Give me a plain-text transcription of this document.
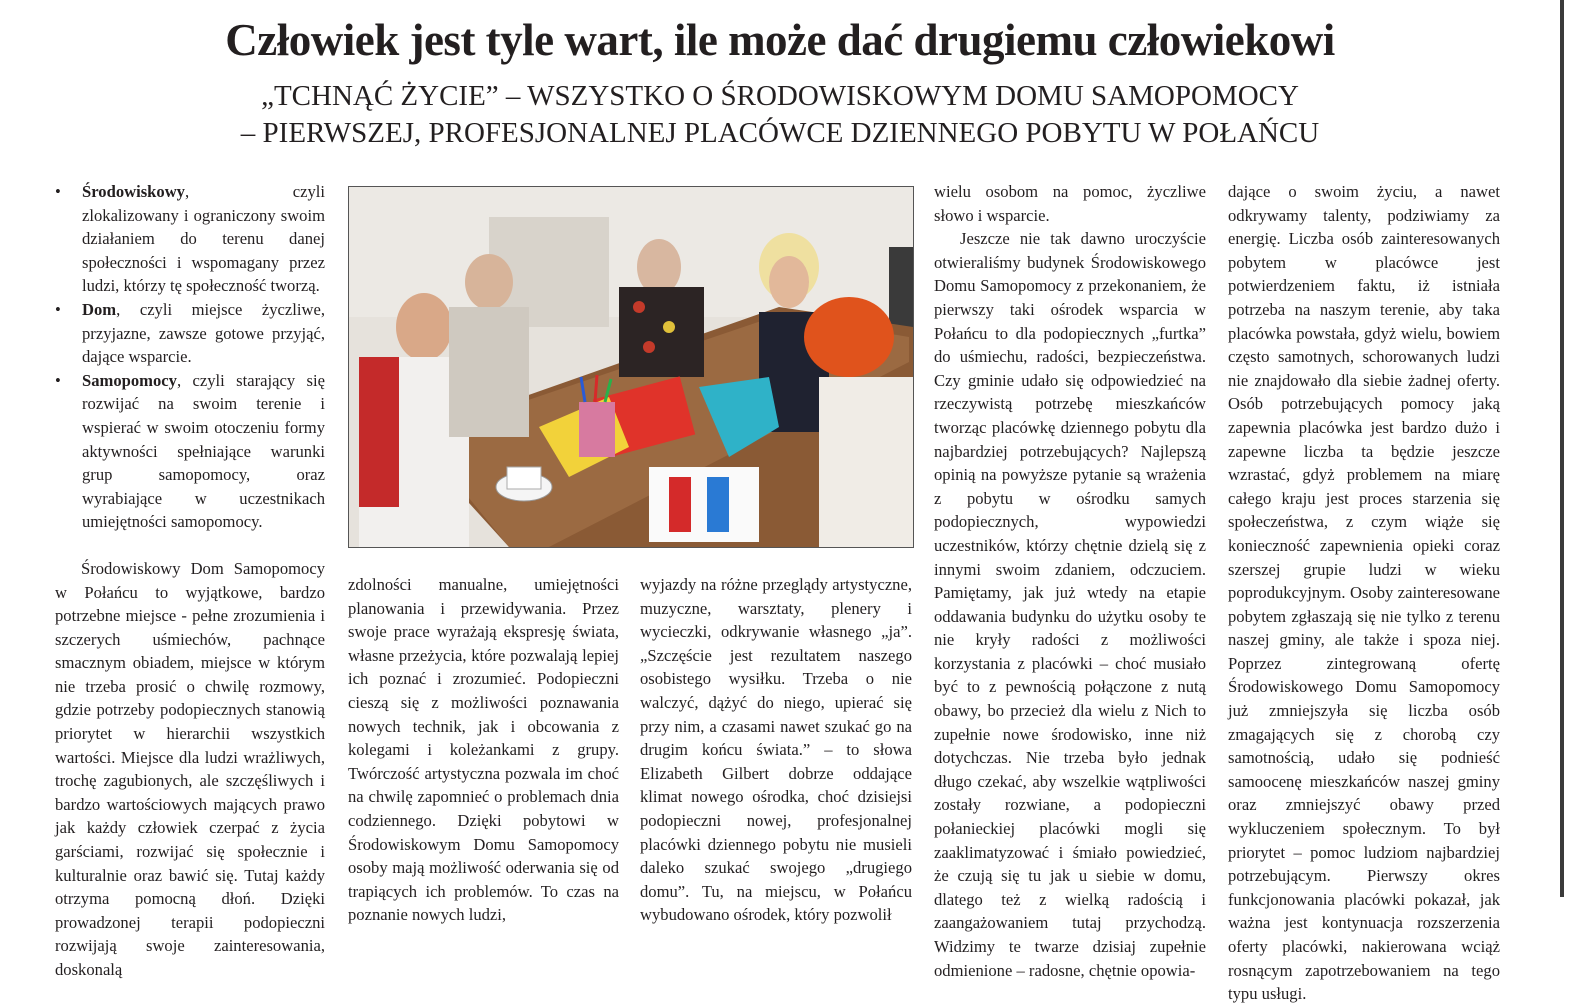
Człowiek jest tyle wart, ile może dać drugiemu człowiekowi
„TCHNĄĆ ŻYCIE” – WSZYSTKO O ŚRODOWISKOWYM DOMU SAMOPOMOCY
– PIERWSZEJ, PROFESJONALNEJ PLACÓWCE DZIENNEGO POBYTU W POŁAŃCU
• Środowiskowy, czyli zlokalizowany i ograniczony swoim działaniem do terenu danej społeczności i wspomagany przez ludzi, którzy tę społeczność tworzą.
• Dom, czyli miejsce życzliwe, przyjazne, zawsze gotowe przyjąć, dające wsparcie.
• Samopomocy, czyli starający się rozwijać na swoim terenie i wspierać w swoim otoczeniu formy aktywności spełniające warunki grup samopomocy, oraz wyrabiające w uczestnikach umiejętności samopomocy.

Środowiskowy Dom Samopomocy w Połańcu to wyjątkowe, bardzo potrzebne miejsce - pełne zrozumienia i szczerych uśmiechów, pachnące smacznym obiadem, miejsce w którym nie trzeba prosić o chwilę rozmowy, gdzie potrzeby podopiecznych stanowią priorytet w hierarchii wszystkich wartości. Miejsce dla ludzi wrażliwych, trochę zagubionych, ale szczęśliwych i bardzo wartościowych mających prawo jak każdy człowiek czerpać z życia garściami, rozwijać się społecznie i kulturalnie oraz bawić się. Tutaj każdy otrzyma pomocną dłoń. Dzięki prowadzonej terapii podopieczni rozwijają swoje zainteresowania, doskonalą

zdolności manualne, umiejętności planowania i przewidywania. Przez swoje prace wyrażają ekspresję świata, własne przeżycia, które pozwalają lepiej ich poznać i zrozumieć. Podopieczni cieszą się z możliwości poznawania nowych technik, jak i obcowania z kolegami i koleżankami z grupy. Twórczość artystyczna pozwala im choć na chwilę zapomnieć o problemach dnia codziennego. Dzięki pobytowi w Środowiskowym Domu Samopomocy osoby mają możliwość oderwania się od trapiących ich problemów. To czas na poznanie nowych ludzi,

wyjazdy na różne przeglądy artystyczne, muzyczne, warsztaty, plenery i wycieczki, odkrywanie własnego „ja”. „Szczęście jest rezultatem naszego osobistego wysiłku. Trzeba o nie walczyć, dążyć do niego, upierać się przy nim, a czasami nawet szukać go na drugim końcu świata.” – to słowa Elizabeth Gilbert dobrze oddające klimat nowego ośrodka, choć dzisiejsi podopieczni nowej, profesjonalnej placówki dziennego pobytu nie musieli daleko szukać swojego „drugiego domu”. Tu, na miejscu, w Połańcu wybudowano ośrodek, który pozwolił

wielu osobom na pomoc, życzliwe słowo i wsparcie.

Jeszcze nie tak dawno uroczyście otwieraliśmy budynek Środowiskowego Domu Samopomocy z przekonaniem, że pierwszy taki ośrodek wsparcia w Połańcu to dla podopiecznych „furtka” do uśmiechu, radości, bezpieczeństwa. Czy gminie udało się odpowiedzieć na rzeczywistą potrzebę mieszkańców tworząc placówkę dziennego pobytu dla najbardziej potrzebujących? Najlepszą opinią na powyższe pytanie są wrażenia z pobytu w ośrodku samych podopiecznych, wypowiedzi uczestników, którzy chętnie dzielą się z innymi swoim zdaniem, odczuciem. Pamiętamy, jak już wtedy na etapie oddawania budynku do użytku osoby te nie kryły radości z możliwości korzystania z placówki – choć musiało być to z pewnością połączone z nutą obawy, bo przecież dla wielu z Nich to zupełnie nowe środowisko, inne niż dotychczas. Nie trzeba było jednak długo czekać, aby wszelkie wątpliwości zostały rozwiane, a podopieczni połanieckiej placówki mogli się zaaklimatyzować i śmiało powiedzieć, że czują się tu jak u siebie w domu, dlatego też z wielką radością i zaangażowaniem tutaj przychodzą. Widzimy te twarze dzisiaj zupełnie odmienione – radosne, chętnie opowia-

dające o swoim życiu, a nawet odkrywamy talenty, podziwiamy za energię. Liczba osób zainteresowanych pobytem w placówce jest potwierdzeniem faktu, iż istniała potrzeba na naszym terenie, aby taka placówka powstała, gdyż wielu, bowiem często samotnych, schorowanych ludzi nie znajdowało dla siebie żadnej oferty. Osób potrzebujących pomocy jaką zapewnia placówka jest bardzo dużo i zapewne liczba ta będzie jeszcze wzrastać, gdyż problemem na miarę całego kraju jest proces starzenia się społeczeństwa, z czym wiąże się konieczność zapewnienia opieki coraz szerszej grupie ludzi w wieku poprodukcyjnym. Osoby zainteresowane pobytem zgłaszają się nie tylko z terenu naszej gminy, ale także i spoza niej. Poprzez zintegrowaną ofertę Środowiskowego Domu Samopomocy już zmniejszyła się liczba osób zmagających się z chorobą czy samotnością, udało się podnieść samoocenę mieszkańców naszej gminy oraz zmniejszyć obawy przed wykluczeniem społecznym. To był priorytet – pomoc ludziom najbardziej potrzebującym. Pierwszy okres funkcjonowania placówki pokazał, jak ważna jest kontynuacja rozszerzenia oferty placówki, nakierowana wciąż rosnącym zapotrzebowaniem na tego typu usługi.
